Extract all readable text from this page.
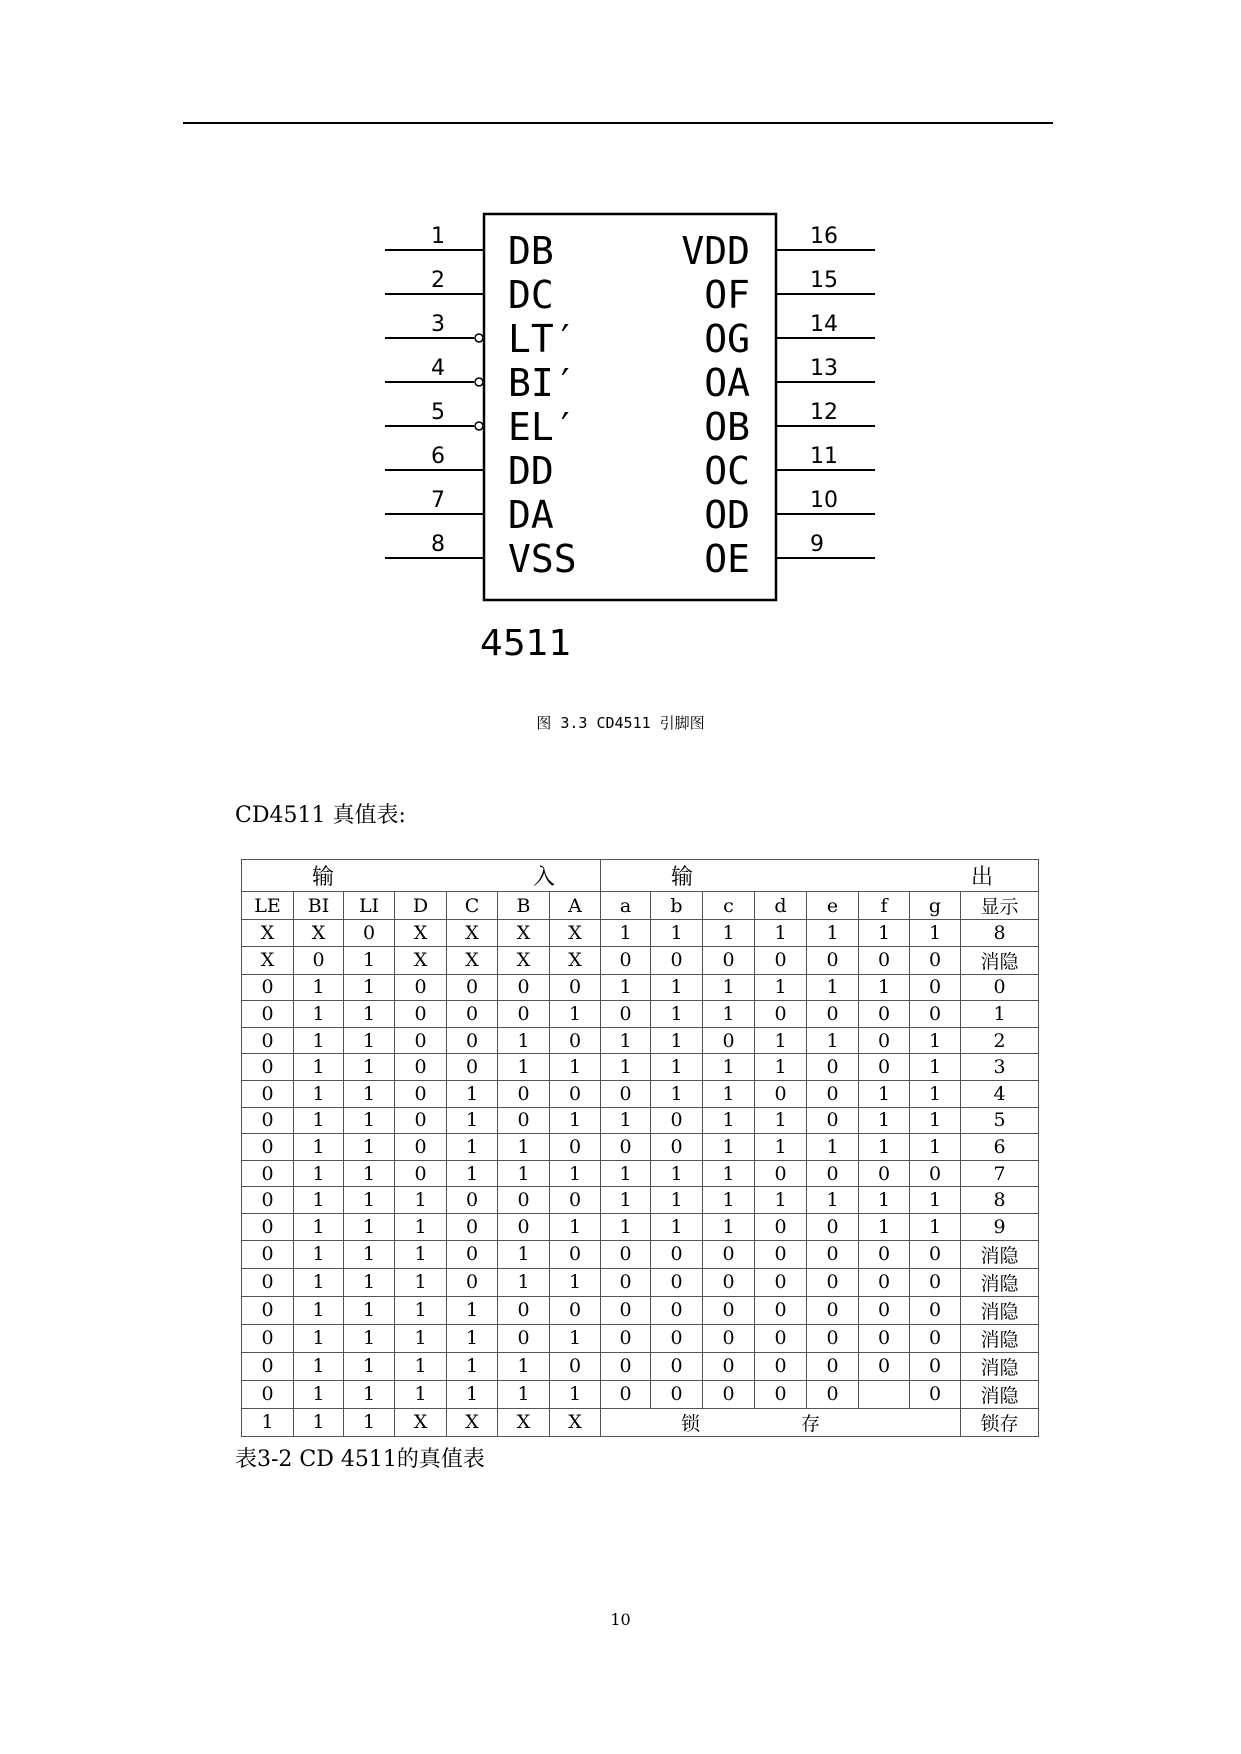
1 DB
2 DC
3 LT′
4 BI′
5 EL′
6 DD
7 DA
8 VSS
16
VDD
15
OF
14
OG
13
OA
12
OB
11
OC
10
OD
9
OE
4511
图 3.3 CD4511 引脚图
CD4511 真值表:
输 入							输 出							

LE	BI	LI	D	C	B	A	a	b	c	d	e	f	g	显示
X	X	0	X	X	X	X	1	1	1	1	1	1	1	8
X	0	1	X	X	X	X	0	0	0	0	0	0	0	消隐
0	1	1	0	0	0	0	1	1	1	1	1	1	0	0
0	1	1	0	0	0	1	0	1	1	0	0	0	0	1
0	1	1	0	0	1	0	1	1	0	1	1	0	1	2
0	1	1	0	0	1	1	1	1	1	1	0	0	1	3
0	1	1	0	1	0	0	0	1	1	0	0	1	1	4
0	1	1	0	1	0	1	1	0	1	1	0	1	1	5
0	1	1	0	1	1	0	0	0	1	1	1	1	1	6
0	1	1	0	1	1	1	1	1	1	0	0	0	0	7
0	1	1	1	0	0	0	1	1	1	1	1	1	1	8
0	1	1	1	0	0	1	1	1	1	0	0	1	1	9
0	1	1	1	0	1	0	0	0	0	0	0	0	0	消隐
0	1	1	1	0	1	1	0	0	0	0	0	0	0	消隐
0	1	1	1	1	0	0	0	0	0	0	0	0	0	消隐
0	1	1	1	1	0	1	0	0	0	0	0	0	0	消隐
0	1	1	1	1	1	0	0	0	0	0	0	0	0	消隐
0	1	1	1	1	1	1	0	0	0	0	0		0	消隐
1	1	1	X	X	X	X	锁 存							锁存
表3-2 CD 4511的真值表
10
